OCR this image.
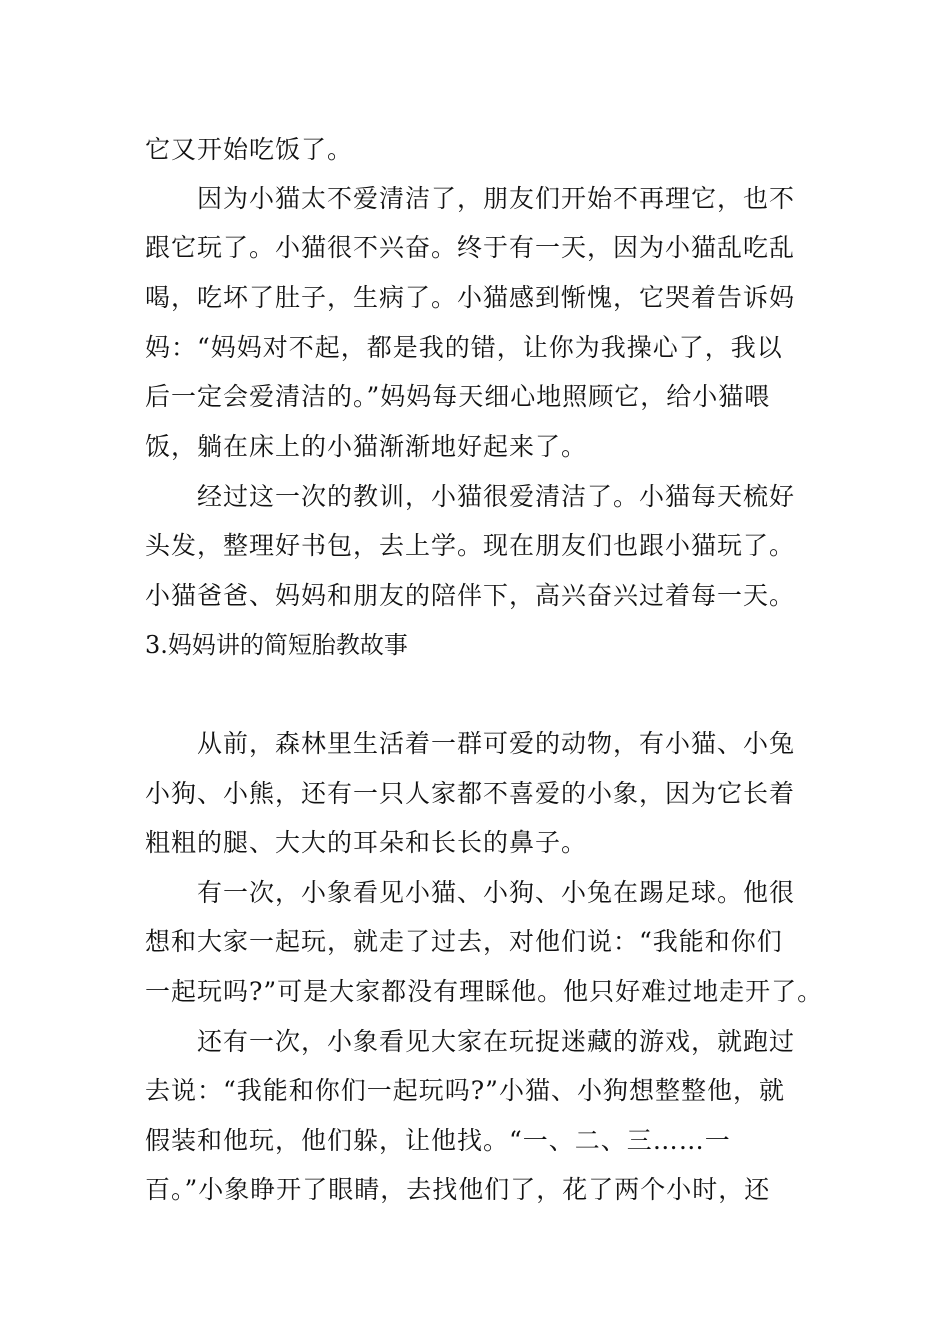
它又开始吃饭了。
因为小猫太不爱清洁了，朋友们开始不再理它，也不
跟它玩了。小猫很不兴奋。终于有一天，因为小猫乱吃乱
喝，吃坏了肚子，生病了。小猫感到惭愧，它哭着告诉妈
妈：“妈妈对不起，都是我的错，让你为我操心了，我以
后一定会爱清洁的。”妈妈每天细心地照顾它，给小猫喂
饭，躺在床上的小猫渐渐地好起来了。
经过这一次的教训，小猫很爱清洁了。小猫每天梳好
头发，整理好书包，去上学。现在朋友们也跟小猫玩了。
小猫爸爸、妈妈和朋友的陪伴下，高兴奋兴过着每一天。
3.妈妈讲的简短胎教故事
从前，森林里生活着一群可爱的动物，有小猫、小兔
小狗、小熊，还有一只人家都不喜爱的小象，因为它长着
粗粗的腿、大大的耳朵和长长的鼻子。
有一次，小象看见小猫、小狗、小兔在踢足球。他很
想和大家一起玩，就走了过去，对他们说：“我能和你们
一起玩吗?”可是大家都没有理睬他。他只好难过地走开了。
还有一次，小象看见大家在玩捉迷藏的游戏，就跑过
去说：“我能和你们一起玩吗?”小猫、小狗想整整他，就
假装和他玩，他们躲，让他找。“一、二、三……一
百。”小象睁开了眼睛，去找他们了，花了两个小时，还
